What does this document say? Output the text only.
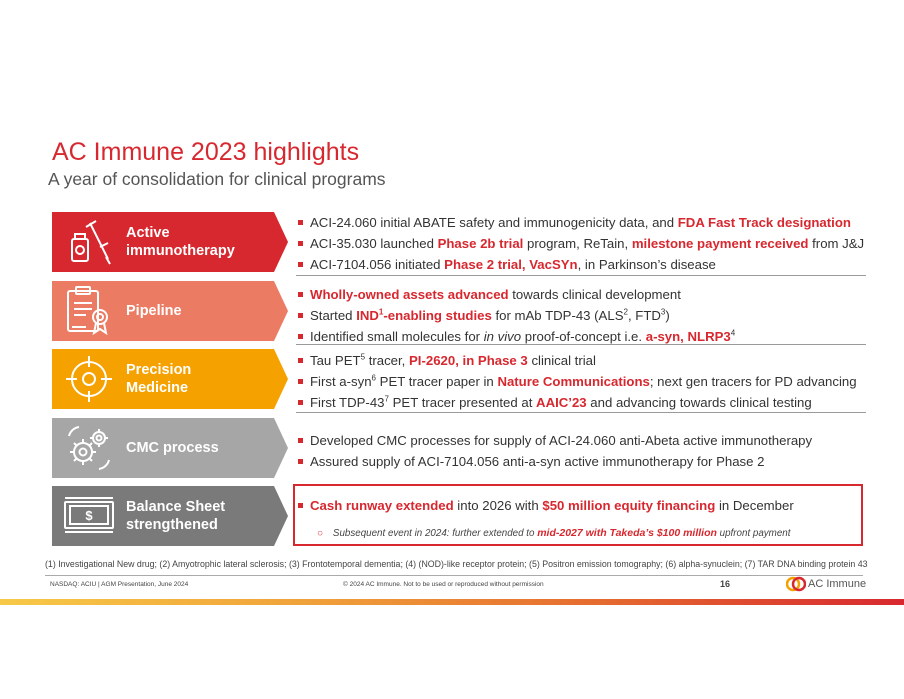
AC Immune 2023 highlights
A year of consolidation for clinical programs
Active
immunotherapy
ACI-24.060 initial ABATE safety and immunogenicity data, and FDA Fast Track designation
ACI-35.030 launched Phase 2b trial program, ReTain, milestone payment received from J&J
ACI-7104.056 initiated Phase 2 trial, VacSYn, in Parkinson’s disease
Pipeline
Wholly-owned assets advanced towards clinical development
Started IND$^1$-enabling studies for mAb TDP-43 (ALS$^2$, FTD$^3$)
Identified small molecules for in vivo proof-of-concept i.e. a-syn, $NLRP3^4$
Precision
Medicine
Tau PET$^5$ tracer, PI-2620, in Phase 3 clinical trial
First a-syn$^6$ PET tracer paper in Nature Communications; next gen tracers for PD advancing
First TDP-$43^7$ PET tracer presented at AAIC’23 and advancing towards clinical testing
CMC process	Developed CMC processes for supply of ACI-24.060 anti-Abeta active immunotherapy
Assured supply of ACI-7104.056 anti-a-syn active immunotherapy for Phase 2
$
Balance Sheet
strengthened
Cash runway extended into 2026 with $50 million equity financing in December
○ Subsequent event in 2024: further extended to mid-2027 with Takeda’s $100 million upfront payment
(1) Investigational New drug; (2) Amyotrophic lateral sclerosis; (3) Frontotemporal dementia; (4) (NOD)-like receptor protein; (5) Positron emission tomography; (6) alpha-synuclein; (7) TAR DNA binding protein 43
NASDAQ: ACIU | AGM Presentation, June 2024	© 2024 AC Immune. Not to be used or reproduced without permission	16	AC Immune
